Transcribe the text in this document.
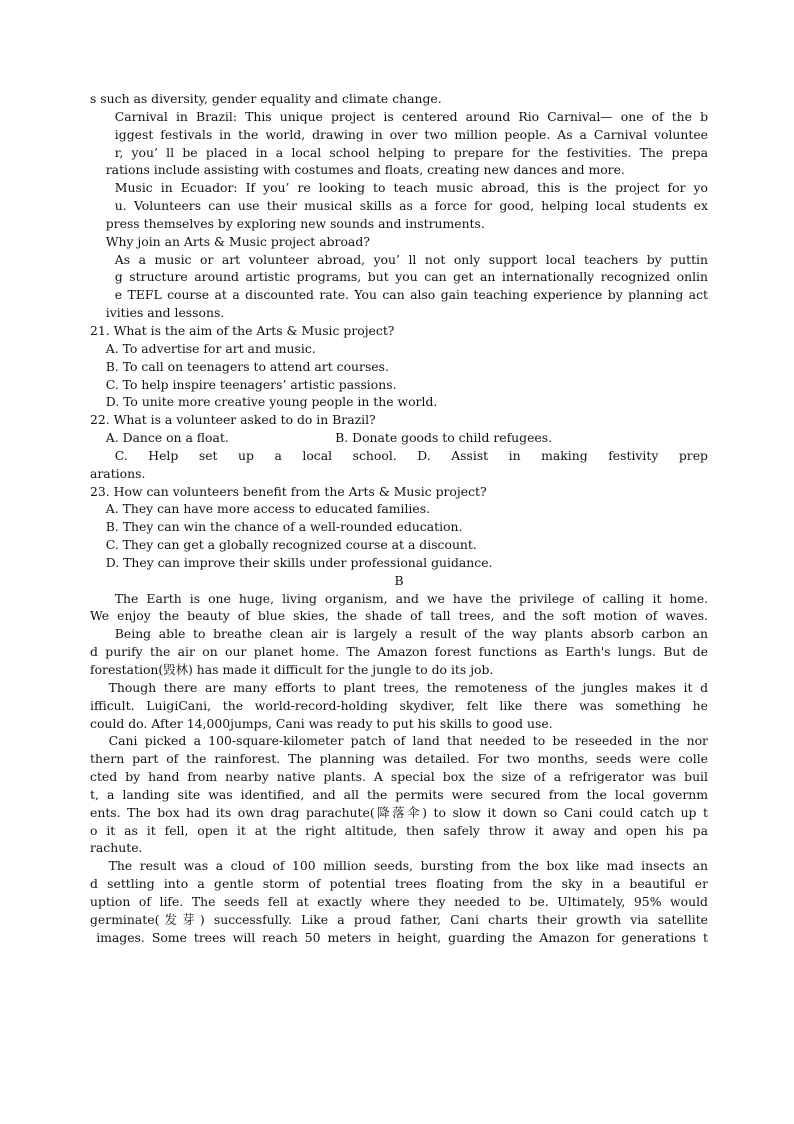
s such as diversity, gender equality and climate change.
Carnival in Brazil: This unique project is centered around Rio Carnival— one of the b
iggest festivals in the world, drawing in over two million people. As a Carnival voluntee
r, you’ ll be placed in a local school helping to prepare for the festivities. The prepa
rations include assisting with costumes and floats, creating new dances and more.
Music in Ecuador: If you’ re looking to teach music abroad, this is the project for yo
u. Volunteers can use their musical skills as a force for good, helping local students ex
press themselves by exploring new sounds and instruments.
Why join an Arts & Music project abroad?
As a music or art volunteer abroad, you’ ll not only support local teachers by puttin
g structure around artistic programs, but you can get an internationally recognized onlin
e TEFL course at a discounted rate. You can also gain teaching experience by planning act
ivities and lessons.
21. What is the aim of the Arts & Music project?
A. To advertise for art and music.
B. To call on teenagers to attend art courses.
C. To help inspire teenagers’ artistic passions.
D. To unite more creative young people in the world.
22. What is a volunteer asked to do in Brazil?
A. Dance on a float.                           B. Donate goods to child refugees.
C. Help set up a local school. D. Assist in making festivity prep
arations.
23. How can volunteers benefit from the Arts & Music project?
A. They can have more access to educated families.
B. They can win the chance of a well-rounded education.
C. They can get a globally recognized course at a discount.
D. They can improve their skills under professional guidance.
B
The Earth is one huge, living organism, and we have the privilege of calling it home.
We enjoy the beauty of blue skies, the shade of tall trees, and the soft motion of waves.
Being able to breathe clean air is largely a result of the way plants absorb carbon an
d purify the air on our planet home. The Amazon forest functions as Earth's lungs. But de
forestation(毁林) has made it difficult for the jungle to do its job.
Though there are many efforts to plant trees, the remoteness of the jungles makes it d
ifficult. LuigiCani, the world-record-holding skydiver, felt like there was something he
could do. After 14,000jumps, Cani was ready to put his skills to good use.
Cani picked a 100-square-kilometer patch of land that needed to be reseeded in the nor
thern part of the rainforest. The planning was detailed. For two months, seeds were colle
cted by hand from nearby native plants. A special box the size of a refrigerator was buil
t, a landing site was identified, and all the permits were secured from the local governm
ents. The box had its own drag parachute(降落伞) to slow it down so Cani could catch up t
o it as it fell, open it at the right altitude, then safely throw it away and open his pa
rachute.
The result was a cloud of 100 million seeds, bursting from the box like mad insects an
d settling into a gentle storm of potential trees floating from the sky in a beautiful er
uption of life. The seeds fell at exactly where they needed to be. Ultimately, 95% would
germinate(发芽) successfully. Like a proud father, Cani charts their growth via satellite
images. Some trees will reach 50 meters in height, guarding the Amazon for generations t
